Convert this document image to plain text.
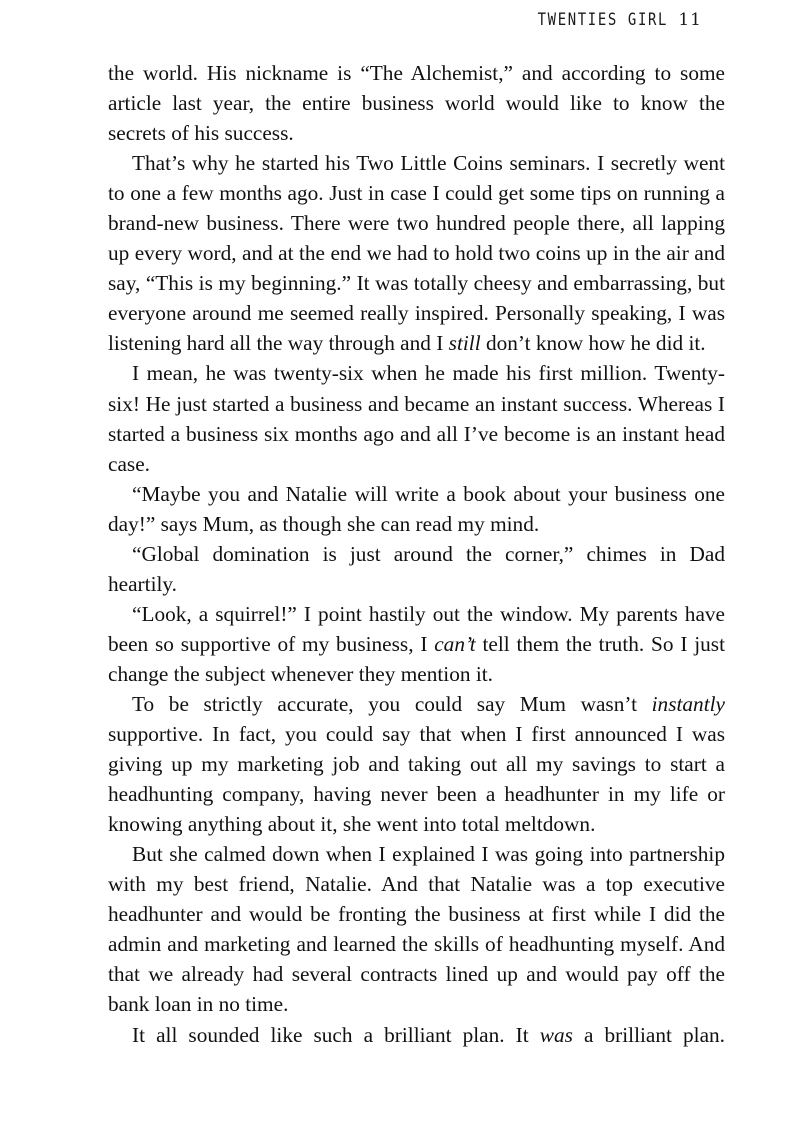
TWENTIES GIRL 11

the world. His nickname is “The Alchemist,” and according to some article last year, the entire business world would like to know the secrets of his success.

That’s why he started his Two Little Coins seminars. I secretly went to one a few months ago. Just in case I could get some tips on running a brand-new business. There were two hundred people there, all lapping up every word, and at the end we had to hold two coins up in the air and say, “This is my beginning.” It was totally cheesy and embarrassing, but everyone around me seemed really inspired. Personally speaking, I was listening hard all the way through and I still don’t know how he did it.

I mean, he was twenty-six when he made his first million. Twenty-six! He just started a business and became an instant success. Whereas I started a business six months ago and all I’ve become is an instant head case.

“Maybe you and Natalie will write a book about your business one day!” says Mum, as though she can read my mind.

“Global domination is just around the corner,” chimes in Dad heartily.

“Look, a squirrel!” I point hastily out the window. My parents have been so supportive of my business, I can’t tell them the truth. So I just change the subject whenever they mention it.

To be strictly accurate, you could say Mum wasn’t instantly supportive. In fact, you could say that when I first announced I was giving up my marketing job and taking out all my savings to start a headhunting company, having never been a headhunter in my life or knowing anything about it, she went into total meltdown.

But she calmed down when I explained I was going into partnership with my best friend, Natalie. And that Natalie was a top executive headhunter and would be fronting the business at first while I did the admin and marketing and learned the skills of headhunting myself. And that we already had several contracts lined up and would pay off the bank loan in no time.

It all sounded like such a brilliant plan. It was a brilliant plan.
